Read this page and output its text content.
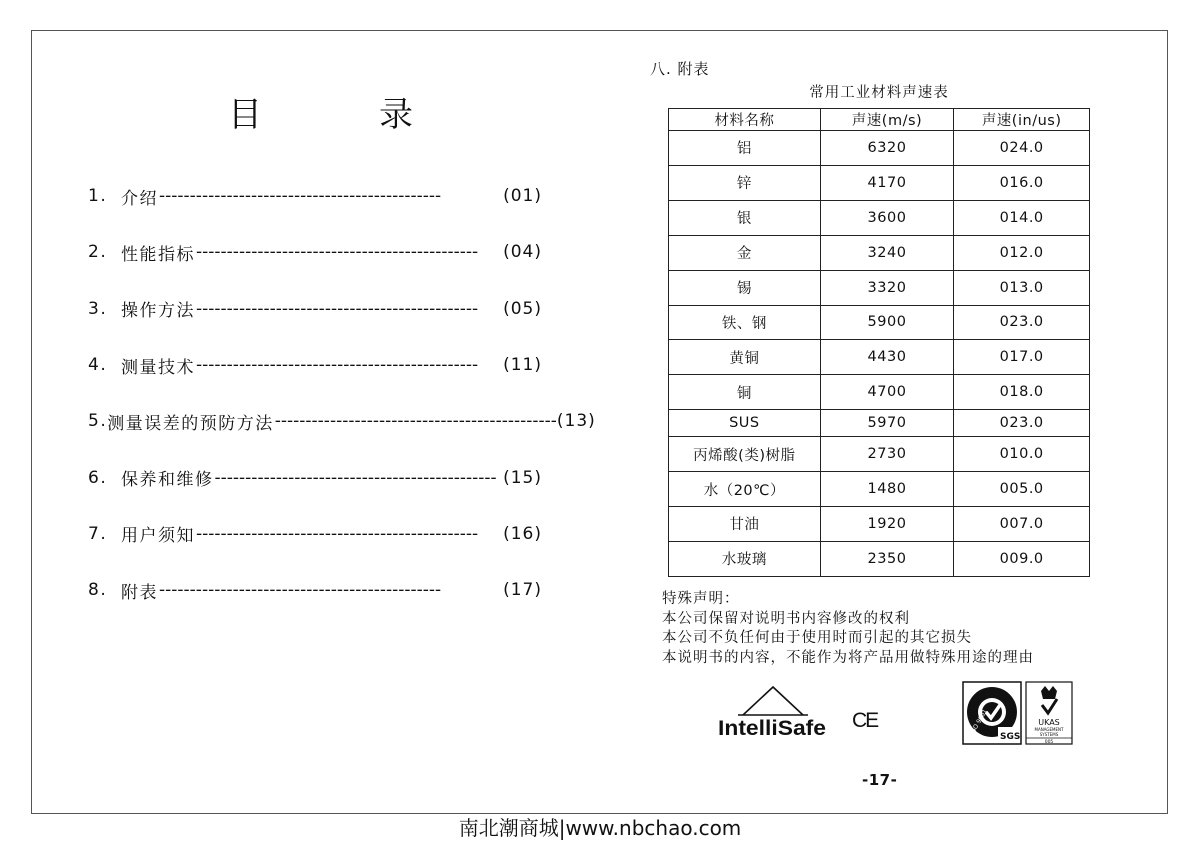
目	录
1. 介绍 ----------------------------------------------	(01)
2. 性能指标 ----------------------------------------------	(04)
3. 操作方法 ----------------------------------------------	(05)
4. 测量技术 ----------------------------------------------	(11)
5. 测量误差的预防方法 ---------------------------------------------- (13)
6. 保养和维修 ---------------------------------------------- (15)
7. 用户须知 ----------------------------------------------	(16)
8. 附表 ----------------------------------------------	(17)
八. 附表
常用工业材料声速表
材料名称	声速(m/s)	声速(in/us)
铝	6320	024.0
锌	4170	016.0
银	3600	014.0
金	3240	012.0
锡	3320	013.0
铁、钢	5900	023.0
黄铜	4430	017.0
铜	4700	018.0
SUS	5970	023.0
丙烯酸(类)树脂	2730	010.0
水（20℃）	1480	005.0
甘油	1920	007.0
水玻璃	2350	009.0
特殊声明：
本公司保留对说明书内容修改的权利
本公司不负任何由于使用时而引起的其它损失
本说明书的内容，不能作为将产品用做特殊用途的理由
IntelliSafe CE	ISO 9001
SGS
UKAS
MANAGEMENT
SYSTEMS
005
-17-
南北潮商城|www.nbchao.com
